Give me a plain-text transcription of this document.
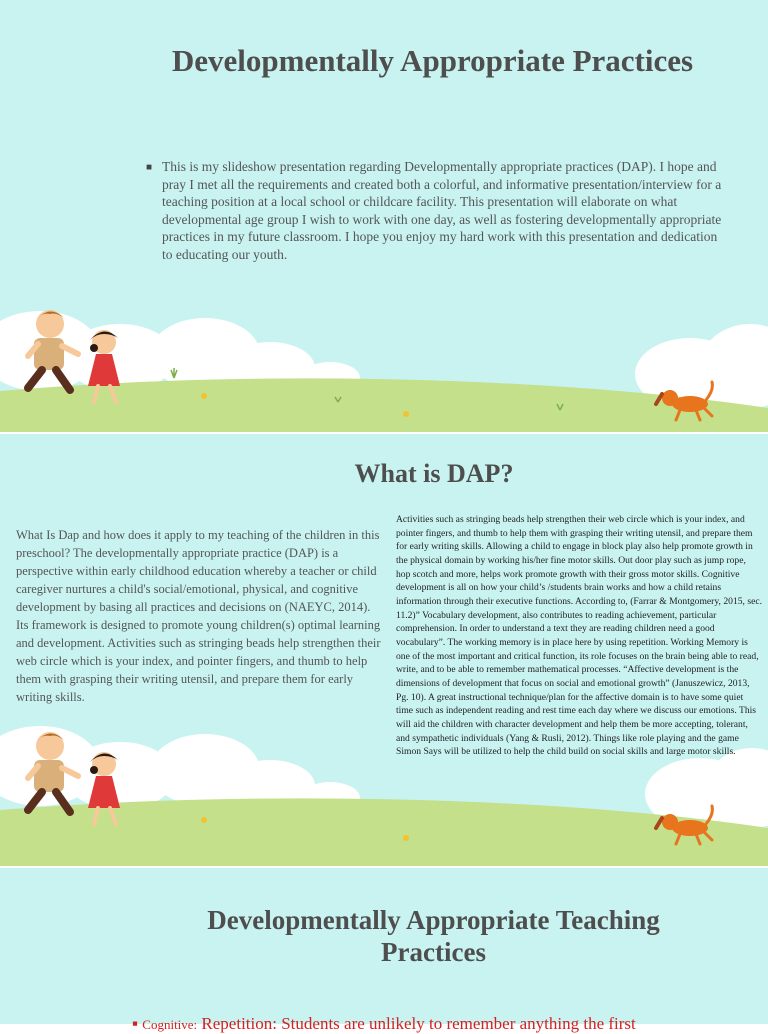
Developmentally Appropriate Practices
■ This is my slideshow presentation regarding Developmentally appropriate practices (DAP). I hope and pray I met all the requirements and created both a colorful, and informative presentation/interview for a teaching position at a local school or childcare facility. This presentation will elaborate on what developmental age group I wish to work with one day, as well as fostering developmentally appropriate practices in my future classroom. I hope you enjoy my hard work with this presentation and dedication to educating our youth.
What is DAP?

What Is Dap and how does it apply to my teaching of the children in this preschool? The developmentally appropriate practice (DAP) is a perspective within early childhood education whereby a teacher or child caregiver nurtures a child's social/emotional, physical, and cognitive development by basing all practices and decisions on (NAEYC, 2014). Its framework is designed to promote young children(s) optimal learning and development. Activities such as stringing beads help strengthen their web circle which is your index, and pointer fingers, and thumb to help them with grasping their writing utensil, and prepare them for early writing skills.

Activities such as stringing beads help strengthen their web circle which is your index, and pointer fingers, and thumb to help them with grasping their writing utensil, and prepare them for early writing skills. Allowing a child to engage in block play also help promote growth in the physical domain by working his/her fine motor skills. Out door play such as jump rope, hop scotch and more, helps work promote growth with their gross motor skills. Cognitive development is all on how your child’s /students brain works and how a child retains information through their executive functions. According to, (Farrar & Montgomery, 2015, sec. 11.2)” Vocabulary development, also contributes to reading achievement, particular comprehension. In order to understand a text they are reading children need a good vocabulary”. The working memory is in place here by using repetition. Working Memory is one of the most important and critical function, its role focuses on the brain being able to read, write, and to be able to remember mathematical processes. “Affective development is the dimensions of development that focus on social and emotional growth” (Januszewicz, 2013, Pg. 10). A great instructional technique/plan for the affective domain is to have some quiet time such as independent reading and rest time each day where we discuss our emotions. This will aid the children with character development and help them be more accepting, tolerant, and sympathetic individuals (Yang & Rusli, 2012). Things like role playing and the game Simon Says will be utilized to help the child build on social skills and large motor skills.

Developmentally Appropriate Teaching Practices
▪ Cognitive: Repetition: Students are unlikely to remember anything the first
